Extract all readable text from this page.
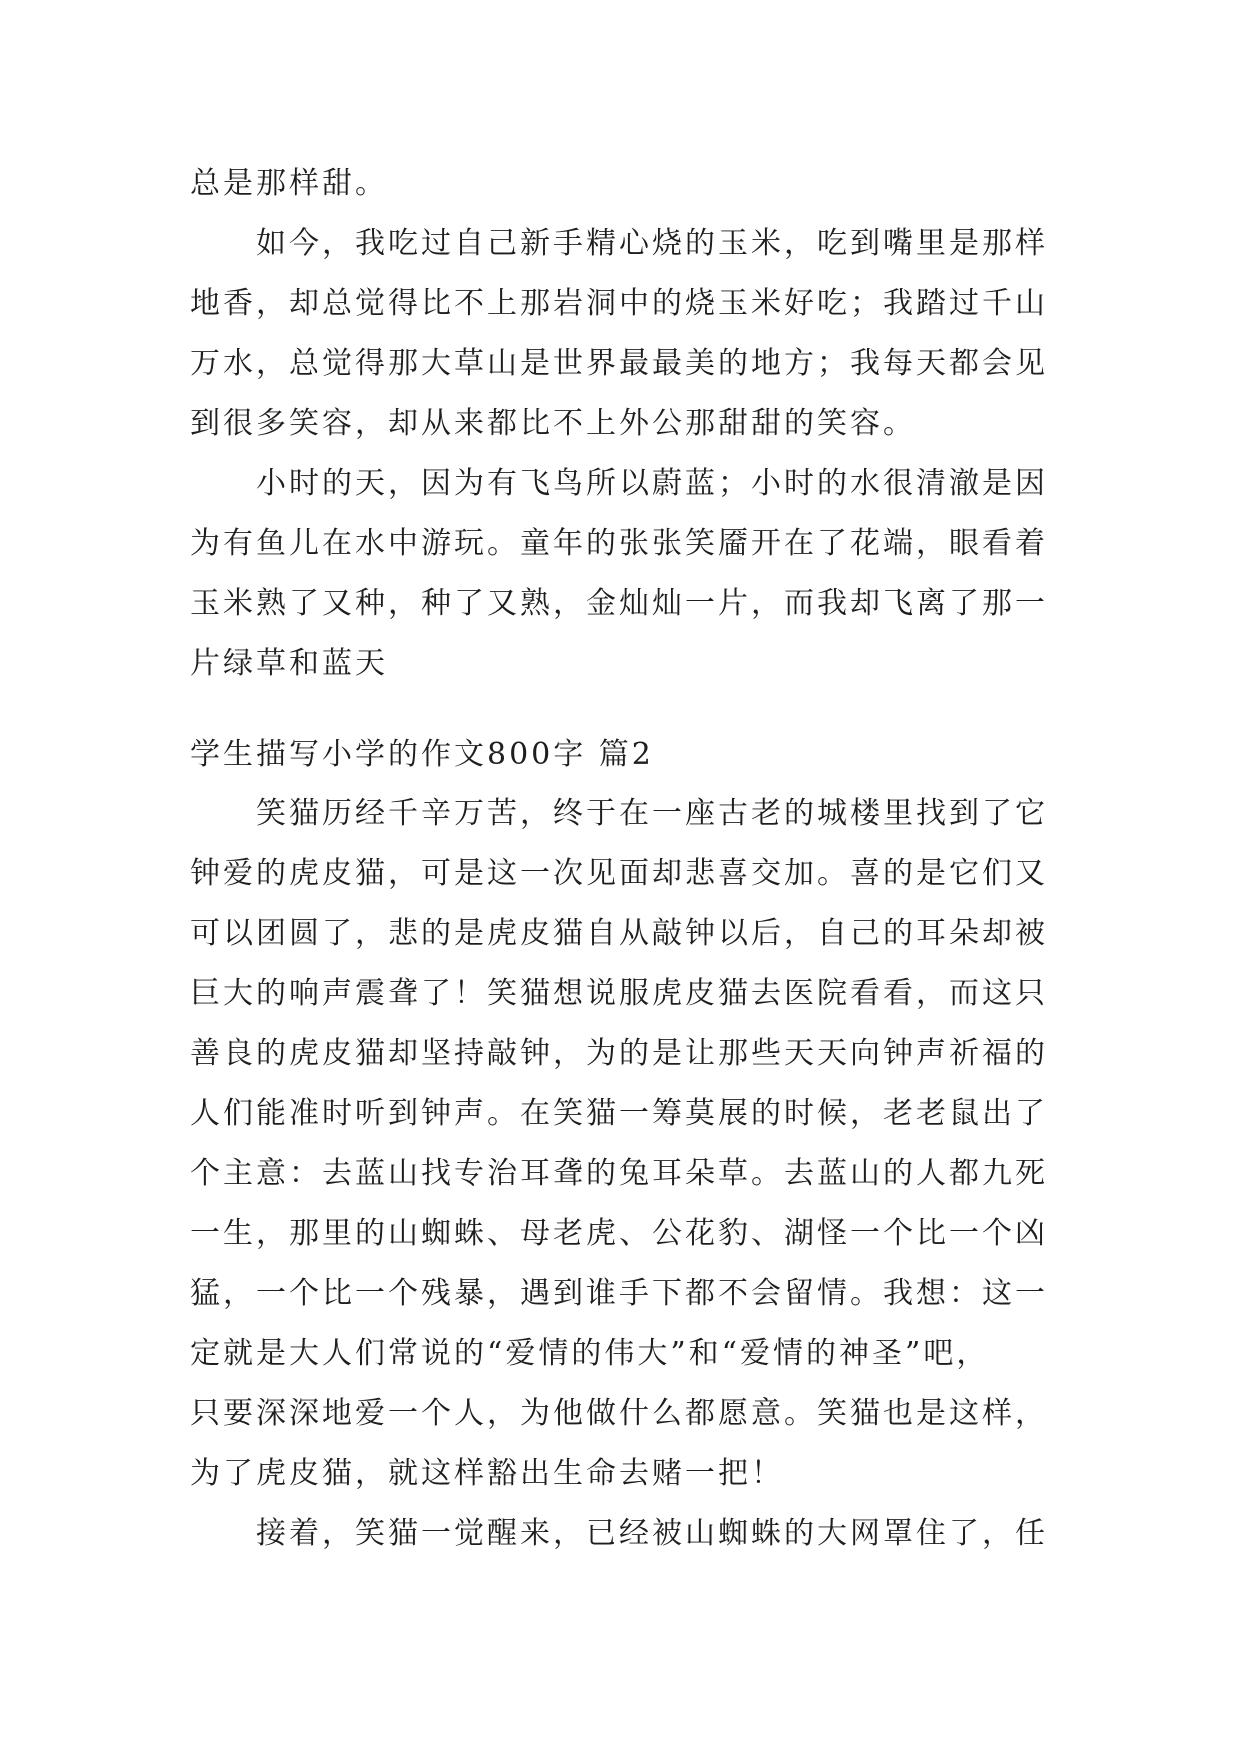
总是那样甜。
如今，我吃过自己新手精心烧的玉米，吃到嘴里是那样
地香，却总觉得比不上那岩洞中的烧玉米好吃；我踏过千山
万水，总觉得那大草山是世界最最美的地方；我每天都会见
到很多笑容，却从来都比不上外公那甜甜的笑容。
小时的天，因为有飞鸟所以蔚蓝；小时的水很清澈是因
为有鱼儿在水中游玩。童年的张张笑靥开在了花端，眼看着
玉米熟了又种，种了又熟，金灿灿一片，而我却飞离了那一
片绿草和蓝天
学生描写小学的作文800字 篇2
笑猫历经千辛万苦，终于在一座古老的城楼里找到了它
钟爱的虎皮猫，可是这一次见面却悲喜交加。喜的是它们又
可以团圆了，悲的是虎皮猫自从敲钟以后，自己的耳朵却被
巨大的响声震聋了！笑猫想说服虎皮猫去医院看看，而这只
善良的虎皮猫却坚持敲钟，为的是让那些天天向钟声祈福的
人们能准时听到钟声。在笑猫一筹莫展的时候，老老鼠出了
个主意：去蓝山找专治耳聋的兔耳朵草。去蓝山的人都九死
一生，那里的山蜘蛛、母老虎、公花豹、湖怪一个比一个凶
猛，一个比一个残暴，遇到谁手下都不会留情。我想：这一
定就是大人们常说的“爱情的伟大”和“爱情的神圣”吧，
只要深深地爱一个人，为他做什么都愿意。笑猫也是这样，
为了虎皮猫，就这样豁出生命去赌一把！
接着，笑猫一觉醒来，已经被山蜘蛛的大网罩住了，任
